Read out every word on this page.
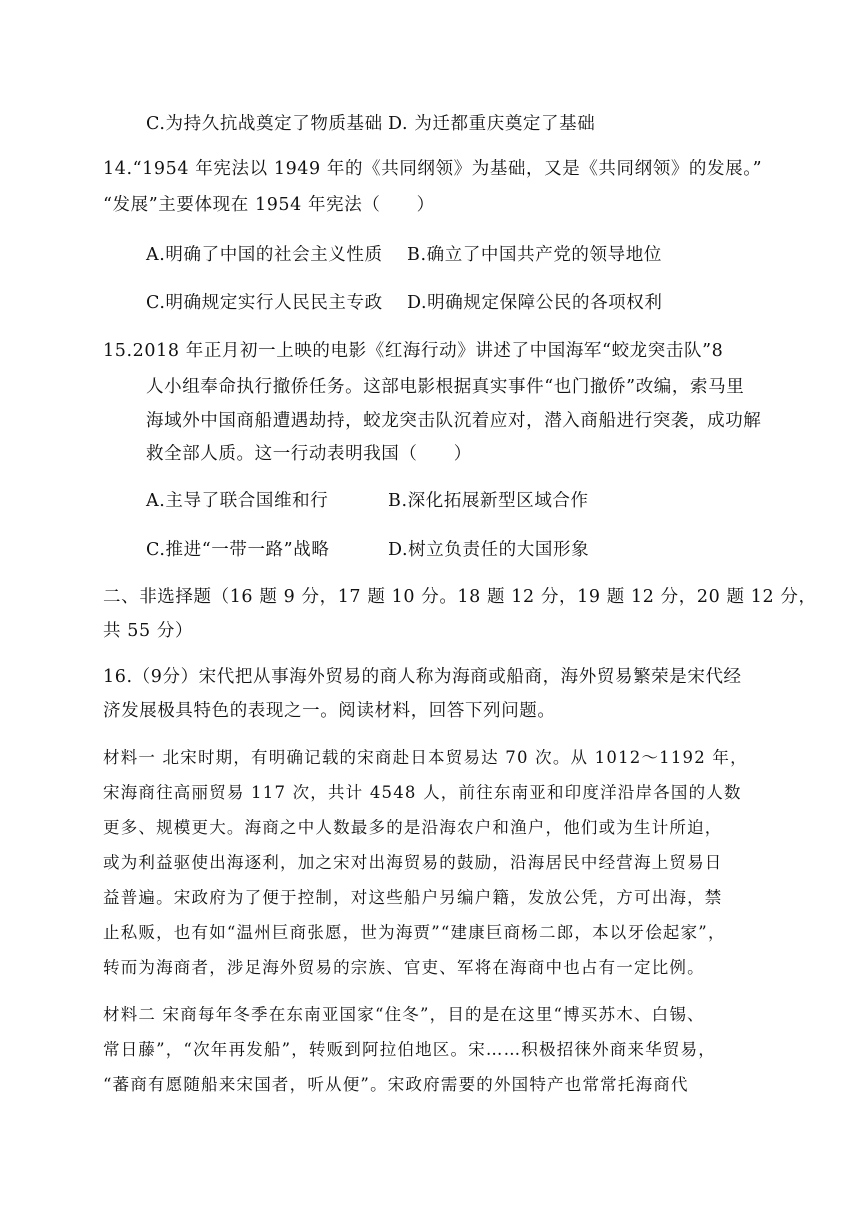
C.为持久抗战奠定了物质基础 D. 为迁都重庆奠定了基础
14.“1954 年宪法以 1949 年的《共同纲领》为基础，又是《共同纲领》的发展。”
“发展”主要体现在 1954 年宪法（　　）
A.明确了中国的社会主义性质 B.确立了中国共产党的领导地位
C.明确规定实行人民民主专政 D.明确规定保障公民的各项权利
15.2018 年正月初一上映的电影《红海行动》讲述了中国海军“蛟龙突击队”8
人小组奉命执行撤侨任务。这部电影根据真实事件“也门撤侨”改编，索马里
海域外中国商船遭遇劫持，蛟龙突击队沉着应对，潜入商船进行突袭，成功解
救全部人质。这一行动表明我国（　　）
A.主导了联合国维和行	B.深化拓展新型区域合作
C.推进“一带一路”战略	D.树立负责任的大国形象
二、非选择题（16 题 9 分，17 题 10 分。18 题 12 分，19 题 12 分，20 题 12 分，
共 55 分）
16.（9分）宋代把从事海外贸易的商人称为海商或船商，海外贸易繁荣是宋代经
济发展极具特色的表现之一。阅读材料，回答下列问题。
材料一 北宋时期，有明确记载的宋商赴日本贸易达 70 次。从 1012～1192 年，
宋海商往高丽贸易 117 次，共计 4548 人，前往东南亚和印度洋沿岸各国的人数
更多、规模更大。海商之中人数最多的是沿海农户和渔户，他们或为生计所迫，
或为利益驱使出海逐利，加之宋对出海贸易的鼓励，沿海居民中经营海上贸易日
益普遍。宋政府为了便于控制，对这些船户另编户籍，发放公凭，方可出海，禁
止私贩，也有如“温州巨商张愿，世为海贾”“建康巨商杨二郎，本以牙侩起家”，
转而为海商者，涉足海外贸易的宗族、官吏、军将在海商中也占有一定比例。
材料二 宋商每年冬季在东南亚国家“住冬”，目的是在这里“博买苏木、白锡、
常日藤”，“次年再发船”，转贩到阿拉伯地区。宋……积极招徕外商来华贸易，
“蕃商有愿随船来宋国者，听从便”。宋政府需要的外国特产也常常托海商代
